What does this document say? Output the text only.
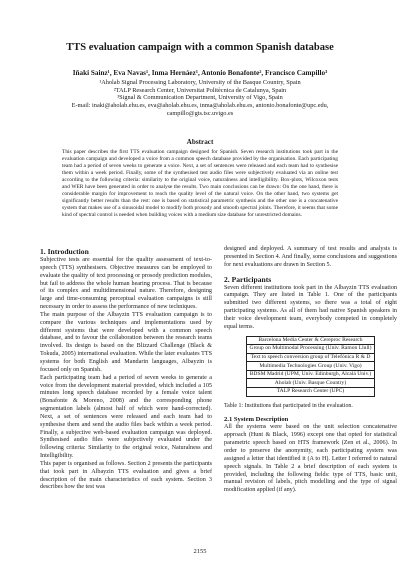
TTS evaluation campaign with a common Spanish database
Iñaki Sainz¹, Eva Navas¹, Inma Hernáez¹, Antonio Bonafonte², Francisco Campillo³
¹Aholab Signal Processing Laboratory, University of the Basque Country, Spain
²TALP Research Center, Universitat Politècnica de Catalunya, Spain
³Signal & Communication Department, University of Vigo, Spain
E-mail: inaki@aholab.ehu.es, eva@aholab.ehu.es, inma@aholab.ehu.es, antonio.bonafonte@upc.edu,
campillo@gts.tsc.uvigo.es
Abstract
This paper describes the first TTS evaluation campaign designed for Spanish. Seven research institutions took part in the evaluation campaign and developed a voice from a common speech database provided by the organisation. Each participating team had a period of seven weeks to generate a voice. Next, a set of sentences were released and each team had to synthesise them within a week period. Finally, some of the synthesised test audio files were subjectively evaluated via an online test according to the following criteria: similarity to the original voice, naturalness and intelligibility. Box-plots, Wilcoxon tests and WER have been generated in order to analyse the results. Two main conclusions can be drawn: On the one hand, there is considerable margin for improvement to reach the quality level of the natural voice. On the other hand, two systems get significantly better results than the rest: one is based on statistical parametric synthesis and the other one is a concatenative system that makes use of a sinusoidal model to modify both prosody and smooth spectral joints. Therefore, it seems that some kind of spectral control is needed when building voices with a medium size database for unrestricted domains.

1. Introduction

Subjective tests are essential for the quality assessment of text-to-speech (TTS) synthesisers. Objective measures can be employed to evaluate the quality of text processing or prosody prediction modules, but fail to address the whole human hearing process. That is because of its complex and multidimensional nature. Therefore, designing large and time-consuming perceptual evaluation campaigns is still necessary in order to assess the performance of new techniques.

The main purpose of the Albayzin TTS evaluation campaign is to compare the various techniques and implementations used by different systems that were developed with a common speech database, and to favour the collaboration between the research teams involved. Its design is based on the Blizzard Challenge (Black & Tokuda, 2005) international evaluation. While the later evaluates TTS systems for both English and Mandarin languages, Albayzin is focused only on Spanish.

Each participating team had a period of seven weeks to generate a voice from the development material provided, which included a 105 minutes long speech database recorded by a female voice talent (Bonafonte & Moreno, 2008) and the corresponding phone segmentation labels (almost half of which were hand-corrected). Next, a set of sentences were released and each team had to synthesise them and send the audio files back within a week period. Finally, a subjective web-based evaluation campaign was deployed. Synthesised audio files were subjectively evaluated under the following criteria: Similarity to the original voice, Naturalness and Intelligibility.

This paper is organised as follows. Section 2 presents the participants that took part in Albayzin TTS evaluation and gives a brief description of the main characteristics of each system. Section 3 describes how the test was

designed and deployed. A summary of test results and analysis is presented in Section 4. And finally, some conclusions and suggestions for next evaluations are drawn in Section 5.

2. Participants

Seven different institutions took part in the Albayzin TTS evaluation campaign. They are listed in Table 1. One of the participants submitted two different systems, so there was a total of eight participating systems. As all of them had native Spanish speakers in their voice development team, everybody competed in completely equal terms.

Barcelona Media Center & Cereproc Research
Group on Multimodal Processing (Univ. Ramon Llull)
Text to speech conversion group of Telefónica R & D
Multimedia Technologies Group (Univ. Vigo)
BDSM Madrid (UPM, Univ. Edinburgh, Alcalá Univ.)
Aholab (Univ. Basque Country)
TALP Research Center (UPC)

Table 1: Institutions that participated in the evaluation.

2.1 System Description

All the systems were based on the unit selection concatenative approach (Hunt & Black, 1996) except one that opted for statistical parametric speech based on HTS framework (Zen et al., 2006). In order to preserve the anonymity, each participating system was assigned a letter that identified it (A to H). Letter I referred to natural speech signals. In Table 2 a brief description of each system is provided, including the following fields: type of TTS, basic unit, manual revision of labels, pitch modelling and the type of signal modification applied (if any).

2155
